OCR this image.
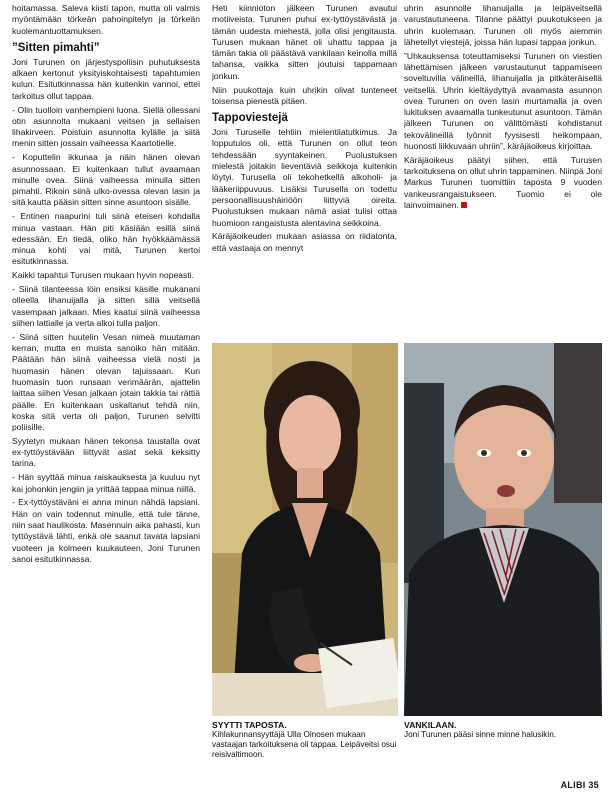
hoitamassa. Saleva kiisti tapon, mutta oli valmis myöntämään törkeän pahoinpitelyn ja törkeän kuolemantuottamuksen.

”Sitten pimahti”

Joni Turunen on järjestyspoliisin puhutuksesta alkaen kertonut yksityiskohtaisesti tapahtumien kulun. Esitutkinnassa hän kuitenkin vannoi, ettei tarkoitus ollut tappaa.

- Olin tuolloin vanhempieni luona. Siellä ollessani otin asunnolta mukaani veitsen ja sellaisen lihakirveen. Poistuin asunnolta kylälle ja siitä menin sitten jossain vaiheessa Kaartotielle.

- Koputtelin ikkunaa ja näin hänen olevan asunnossaan. Ei kuitenkaan tullut avaamaan minulle ovea. Siinä vaiheessa minulla sitten pimahti. Rikoin siinä ulko-ovessa olevan lasin ja sitä kautta pääsin sitten sinne asuntoon sisälle.

- Entinen naapurini tuli siinä eteisen kohdalla minua vastaan. Hän piti käsiään esillä siinä edessään. En tiedä, oliko hän hyökkäämässä minua kohti vai mitä, Turunen kertoi esitutkinnassa.

Kaikki tapahtui Turusen mukaan hyvin nopeasti.

- Siinä tilanteessa löin ensiksi käsille mukanani olleella lihanuijalla ja sitten sillä veitsellä vasempaan jalkaan. Mies kaatui siinä vaiheessa siihen lattialle ja verta alkoi tulla paljon.

- Siinä sitten huutelin Vesan nimeä muutaman kerran, mutta en muista sanoiko hän mitään. Päätään hän siinä vaiheessa vielä nosti ja huomasin hänen olevan tajuissaan. Kun huomasin tuon runsaan verimäärän, ajattelin laittaa siihen Vesan jalkaan jotain takkia tai rättiä päälle. En kuitenkaan uskaltanut tehdä niin, koska sitä verta oli paljon, Turunen selvitti poliisille.

Syytetyn mukaan hänen tekonsa taustalla ovat ex-tyttöystävään liittyvät asiat sekä keksitty tarina.

- Hän syyttää minua raiskauksesta ja kuuluu nyt kai johonkin jengiin ja yrittää tappaa minua niillä.

- Ex-tyttöystäväni ei anna minun nähdä lapsiani. Hän on vain todennut minulle, että tule tänne, niin saat haulikosta. Masennuin aika pahasti, kun tyttöystävä lähti, enkä ole saanut tavata lapsiani vuoteen ja kolmeen kuukauteen, Joni Turunen sanoi esitutkinnassa.

Heti kiinnioton jälkeen Turunen avautui motiiveista. Turunen puhui ex-tyttöystävästä ja tämän uudesta miehestä, jolla olisi jengitausta. Turusen mukaan hänet oli uhattu tappaa ja tämän takia oli päästävä vankilaan keinolla millä tahansa, vaikka sitten joutuisi tappamaan jonkun.

Niin puukottaja kuin uhrikin olivat tunteneet toisensa pienestä pitäen.

Tappoviestejä

Joni Turuselle tehtiin mielentilatutkimus. Ja lopputulos oli, että Turunen on ollut teon tehdessään syyntakeinen. Puolustuksen mielestä joitakin lieventäviä seikkoja kuitenkin löytyi. Turusella oli tekohetkellä alkoholi- ja lääkeriippuvuus. Lisäksi Turusella on todettu persoonallisuushäiriöön liittyviä oireita. Puolustuksen mukaan nämä asiat tulisi ottaa huomioon rangaistusta alentavina seikkoina.

Käräjäoikeuden mukaan asiassa on riidatonta, että vastaaja on mennyt

uhrin asunnolle lihanuijalla ja leipäveitsellä varustautuneena. Tilanne päättyi puukotukseen ja uhrin kuolemaan. Turunen oli myös aiemmin lähetellyt viestejä, joissa hän lupasi tappaa jonkun.

”Uhkauksensa toteuttamiseksi Turunen on viestien lähettämisen jälkeen varustautunut tappamiseen soveltuvilla välineillä, lihanuijalla ja pitkäteräisellä veitsellä. Uhrin kieltäydyttyä avaamasta asunnon ovea Turunen on oven lasin murtamalla ja oven lukituksen avaamalla tunkeutunut asuntoon. Tämän jälkeen Turunen on välittömästi kohdistanut tekovälineillä lyönnit fyysisesti heikompaan, huonosti liikkuvaan uhriin”, käräjäoikeus kirjoittaa.

Käräjäoikeus päätyi siihen, että Turusen tarkoituksena on ollut uhrin tappaminen. Niinpä Joni Markus Turunen tuomittiin taposta 9 vuoden vankeusrangaistukseen. Tuomio ei ole lainvoimainen.

SYYTTI TAPOSTA.
Kihlakunnansyyttäjä Ulla Oinosen mukaan vastaajan tarkoituksena oli tappaa. Leipäveitsi osui reisivaltimoon.
VANKILAAN.
Joni Turunen pääsi sinne minne halusikin.
ALIBI 35
